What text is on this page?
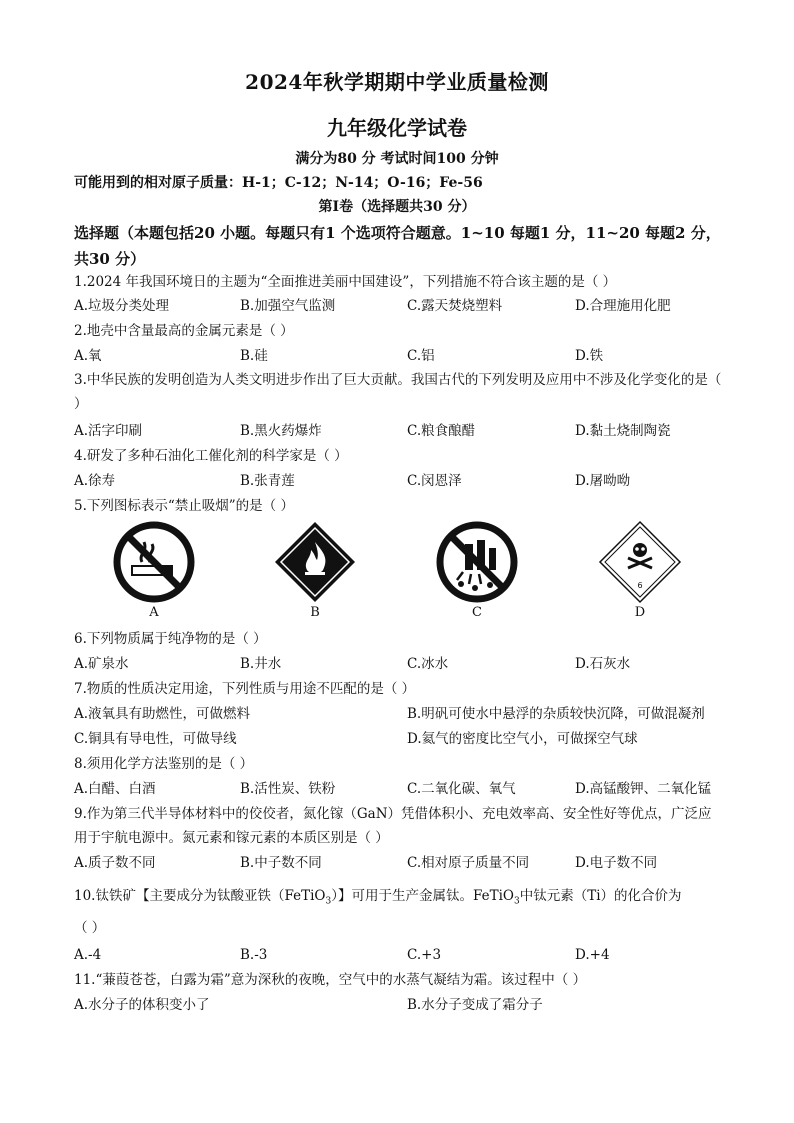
2024年秋学期期中学业质量检测
九年级化学试卷
满分为80 分 考试时间100 分钟
可能用到的相对原子质量：H-1；C-12；N-14；O-16；Fe-56
第Ⅰ卷（选择题共30 分）
选择题（本题包括20 小题。每题只有1 个选项符合题意。1~10 每题1 分，11~20 每题2 分，共30 分）
1.2024 年我国环境日的主题为“全面推进美丽中国建设”，下列措施不符合该主题的是（ ）
A.垃圾分类处理	B.加强空气监测	C.露天焚烧塑料	D.合理施用化肥
2.地壳中含量最高的金属元素是（ ）
A.氧	B.硅	C.铝	D.铁
3.中华民族的发明创造为人类文明进步作出了巨大贡献。我国古代的下列发明及应用中不涉及化学变化的是（ ）
A.活字印刷	B.黑火药爆炸	C.粮食酿醋	D.黏土烧制陶瓷
4.研发了多种石油化工催化剂的科学家是（ ）
A.徐寿	B.张青莲	C.闵恩泽	D.屠呦呦
5.下列图标表示“禁止吸烟”的是（ ）
6
A	B	C	D
6.下列物质属于纯净物的是（ ）
A.矿泉水	B.井水	C.冰水	D.石灰水
7.物质的性质决定用途，下列性质与用途不匹配的是（ ）
A.液氧具有助燃性，可做燃料	B.明矾可使水中悬浮的杂质较快沉降，可做混凝剂
C.铜具有导电性，可做导线	D.氦气的密度比空气小，可做探空气球
8.须用化学方法鉴别的是（ ）
A.白醋、白酒	B.活性炭、铁粉	C.二氧化碳、氧气	D.高锰酸钾、二氧化锰
9.作为第三代半导体材料中的佼佼者，氮化镓（GaN）凭借体积小、充电效率高、安全性好等优点，广泛应用于宇航电源中。氮元素和镓元素的本质区别是（ ）
A.质子数不同	B.中子数不同	C.相对原子质量不同	D.电子数不同
10.钛铁矿【主要成分为钛酸亚铁（FeTiO$_3$）】可用于生产金属钛。FeTiO$_3$中钛元素（Ti）的化合价为
（ ）
A.-4	B.-3	C.+3	D.+4
11.“蒹葭苍苍，白露为霜”意为深秋的夜晚，空气中的水蒸气凝结为霜。该过程中（ ）
A.水分子的体积变小了	B.水分子变成了霜分子
